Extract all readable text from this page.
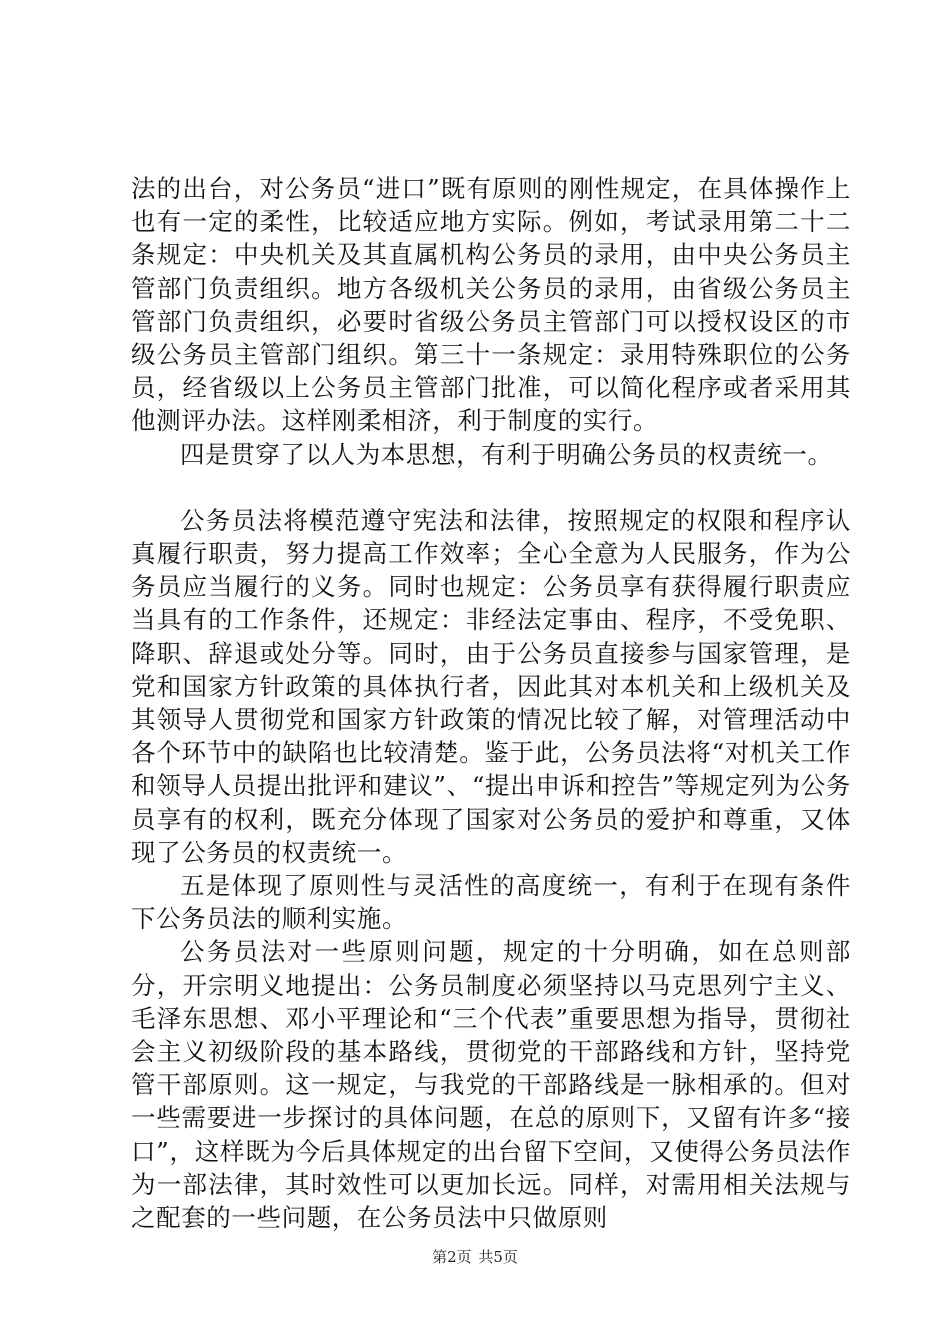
法的出台，对公务员“进口”既有原则的刚性规定，在具体操作上也有一定的柔性，比较适应地方实际。例如，考试录用第二十二条规定：中央机关及其直属机构公务员的录用，由中央公务员主管部门负责组织。地方各级机关公务员的录用，由省级公务员主管部门负责组织，必要时省级公务员主管部门可以授权设区的市级公务员主管部门组织。第三十一条规定：录用特殊职位的公务员，经省级以上公务员主管部门批准，可以简化程序或者采用其他测评办法。这样刚柔相济，利于制度的实行。

四是贯穿了以人为本思想，有利于明确公务员的权责统一。

公务员法将模范遵守宪法和法律，按照规定的权限和程序认真履行职责，努力提高工作效率；全心全意为人民服务，作为公务员应当履行的义务。同时也规定：公务员享有获得履行职责应当具有的工作条件，还规定：非经法定事由、程序，不受免职、降职、辞退或处分等。同时，由于公务员直接参与国家管理，是党和国家方针政策的具体执行者，因此其对本机关和上级机关及其领导人贯彻党和国家方针政策的情况比较了解，对管理活动中各个环节中的缺陷也比较清楚。鉴于此，公务员法将“对机关工作和领导人员提出批评和建议”、“提出申诉和控告”等规定列为公务员享有的权利，既充分体现了国家对公务员的爱护和尊重，又体现了公务员的权责统一。

五是体现了原则性与灵活性的高度统一，有利于在现有条件下公务员法的顺利实施。

公务员法对一些原则问题，规定的十分明确，如在总则部分，开宗明义地提出：公务员制度必须坚持以马克思列宁主义、毛泽东思想、邓小平理论和“三个代表”重要思想为指导，贯彻社会主义初级阶段的基本路线，贯彻党的干部路线和方针，坚持党管干部原则。这一规定，与我党的干部路线是一脉相承的。但对一些需要进一步探讨的具体问题，在总的原则下，又留有许多“接口”，这样既为今后具体规定的出台留下空间，又使得公务员法作为一部法律，其时效性可以更加长远。同样，对需用相关法规与之配套的一些问题，在公务员法中只做原则

第2页 共5页
